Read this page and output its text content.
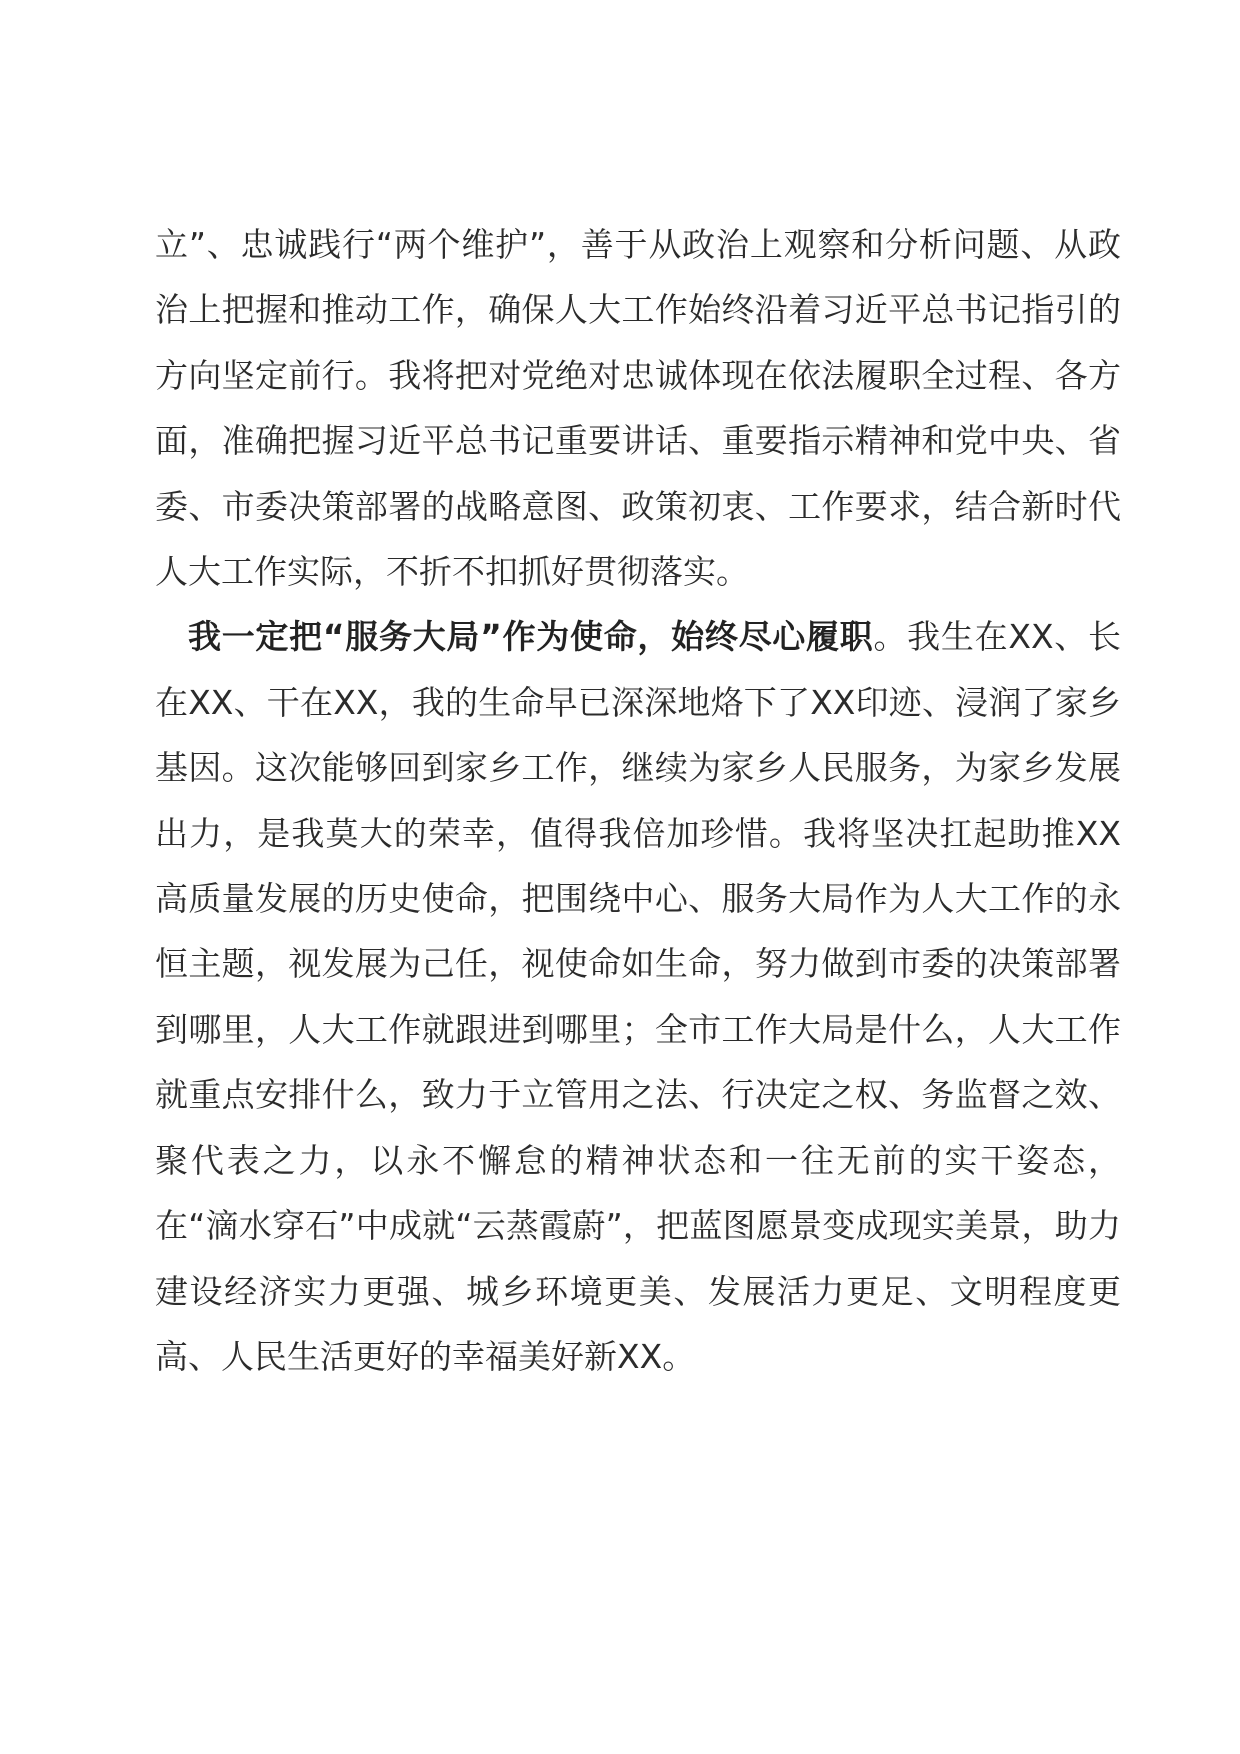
立”、忠诚践行“两个维护”，善于从政治上观察和分析问题、从政治上把握和推动工作，确保人大工作始终沿着习近平总书记指引的方向坚定前行。我将把对党绝对忠诚体现在依法履职全过程、各方面，准确把握习近平总书记重要讲话、重要指示精神和党中央、省委、市委决策部署的战略意图、政策初衷、工作要求，结合新时代人大工作实际，不折不扣抓好贯彻落实。

我一定把“服务大局”作为使命，始终尽心履职。我生在XX、长在XX、干在XX，我的生命早已深深地烙下了XX印迹、浸润了家乡基因。这次能够回到家乡工作，继续为家乡人民服务，为家乡发展出力，是我莫大的荣幸，值得我倍加珍惜。我将坚决扛起助推XX高质量发展的历史使命，把围绕中心、服务大局作为人大工作的永恒主题，视发展为己任，视使命如生命，努力做到市委的决策部署到哪里，人大工作就跟进到哪里；全市工作大局是什么，人大工作就重点安排什么，致力于立管用之法、行决定之权、务监督之效、聚代表之力，以永不懈怠的精神状态和一往无前的实干姿态，在“滴水穿石”中成就“云蒸霞蔚”，把蓝图愿景变成现实美景，助力建设经济实力更强、城乡环境更美、发展活力更足、文明程度更高、人民生活更好的幸福美好新XX。
